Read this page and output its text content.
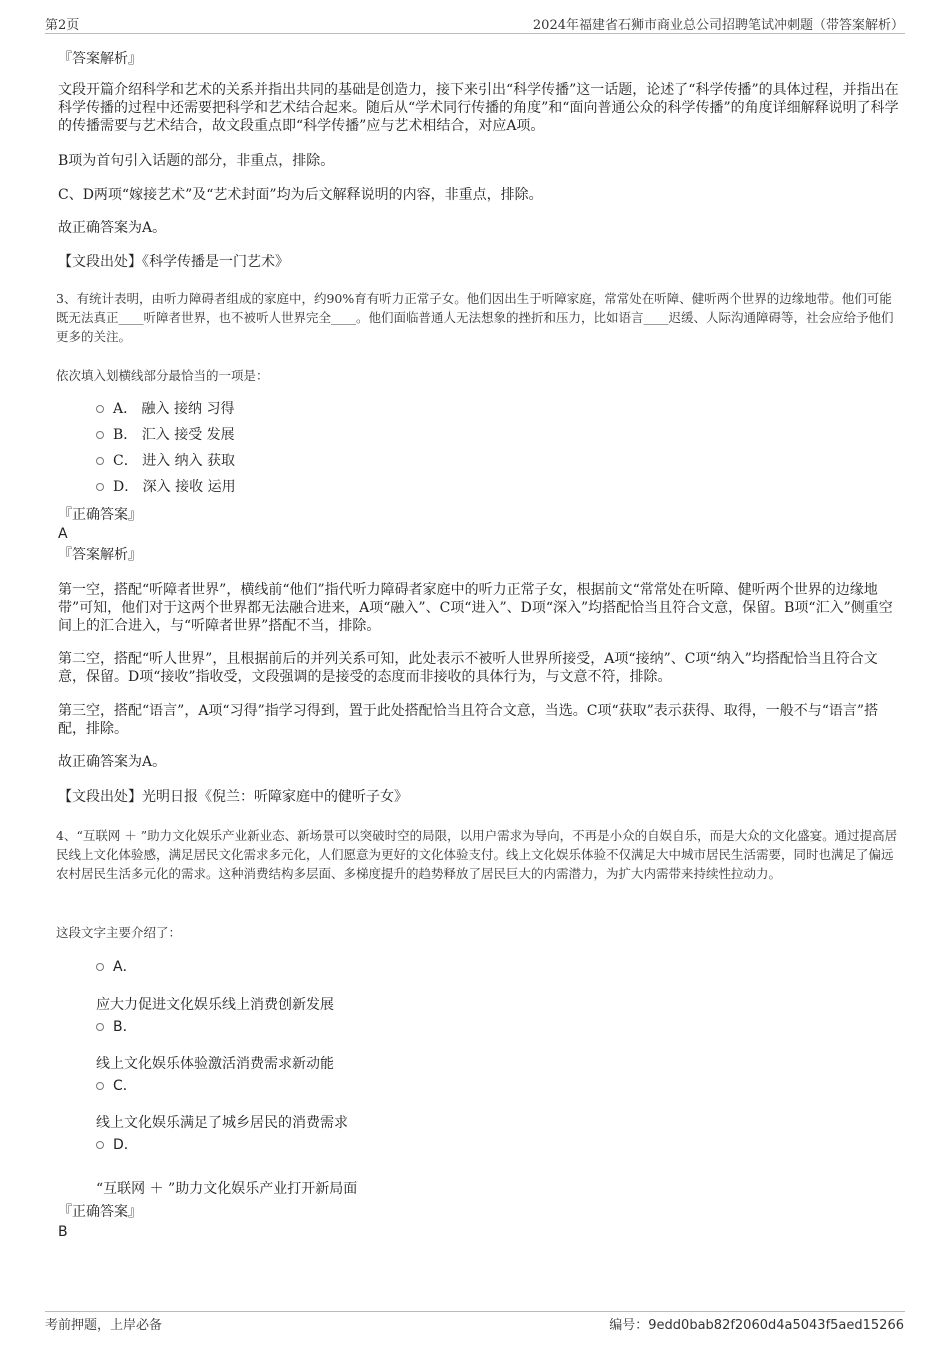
第2页	2024年福建省石狮市商业总公司招聘笔试冲刺题（带答案解析）
『答案解析』
文段开篇介绍科学和艺术的关系并指出共同的基础是创造力，接下来引出“科学传播”这一话题，论述了“科学传播”的具体过程，并指出在科学传播的过程中还需要把科学和艺术结合起来。随后从“学术同行传播的角度”和“面向普通公众的科学传播”的角度详细解释说明了科学的传播需要与艺术结合，故文段重点即“科学传播”应与艺术相结合，对应A项。
B项为首句引入话题的部分，非重点，排除。
C、D两项“嫁接艺术”及“艺术封面”均为后文解释说明的内容，非重点，排除。
故正确答案为A。
【文段出处】《科学传播是一门艺术》
3、有统计表明，由听力障碍者组成的家庭中，约90%育有听力正常子女。他们因出生于听障家庭，常常处在听障、健听两个世界的边缘地带。他们可能既无法真正____听障者世界，也不被听人世界完全____。他们面临普通人无法想象的挫折和压力，比如语言____迟缓、人际沟通障碍等，社会应给予他们更多的关注。
依次填入划横线部分最恰当的一项是：
A． 融入 接纳 习得
B． 汇入 接受 发展
C． 进入 纳入 获取
D． 深入 接收 运用
『正确答案』
A
『答案解析』
第一空，搭配“听障者世界”，横线前“他们”指代听力障碍者家庭中的听力正常子女，根据前文“常常处在听障、健听两个世界的边缘地带”可知，他们对于这两个世界都无法融合进来，A项“融入”、C项“进入”、D项“深入”均搭配恰当且符合文意，保留。B项“汇入”侧重空间上的汇合进入，与“听障者世界”搭配不当，排除。
第二空，搭配“听人世界”，且根据前后的并列关系可知，此处表示不被听人世界所接受，A项“接纳”、C项“纳入”均搭配恰当且符合文意，保留。D项“接收”指收受，文段强调的是接受的态度而非接收的具体行为，与文意不符，排除。
第三空，搭配“语言”，A项“习得”指学习得到，置于此处搭配恰当且符合文意，当选。C项“获取”表示获得、取得，一般不与“语言”搭配，排除。
故正确答案为A。
【文段出处】光明日报《倪兰：听障家庭中的健听子女》
4、“互联网 ＋ ”助力文化娱乐产业新业态、新场景可以突破时空的局限，以用户需求为导向，不再是小众的自娱自乐，而是大众的文化盛宴。通过提高居民线上文化体验感，满足居民文化需求多元化，人们愿意为更好的文化体验支付。线上文化娱乐体验不仅满足大中城市居民生活需要，同时也满足了偏远农村居民生活多元化的需求。这种消费结构多层面、多梯度提升的趋势释放了居民巨大的内需潜力，为扩大内需带来持续性拉动力。
这段文字主要介绍了：
A．
应大力促进文化娱乐线上消费创新发展
B．
线上文化娱乐体验激活消费需求新动能
C．
线上文化娱乐满足了城乡居民的消费需求
D．
“互联网 ＋ ”助力文化娱乐产业打开新局面
『正确答案』
B
考前押题，上岸必备	编号：9edd0bab82f2060d4a5043f5aed15266
